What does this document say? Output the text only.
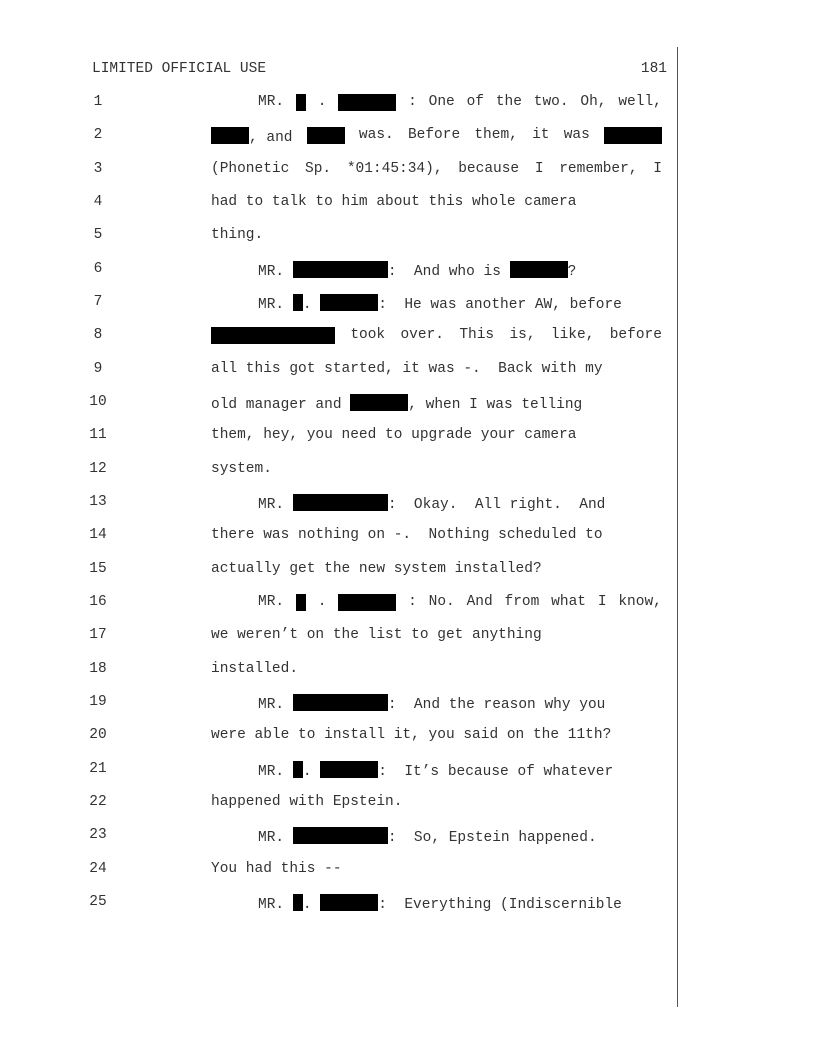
LIMITED OFFICIAL USE	181
1	MR. .	: One of the two. Oh, well,
2	, and	was. Before them, it was
3	(Phonetic Sp. *01:45:34), because I remember, I
4	had to talk to him about this whole camera
5	thing.
6	MR.	:  And who is	?
7	MR. .	:  He was another AW, before
8	took over. This is, like, before
9	all this got started, it was -.  Back with my
10	old manager and	, when I was telling
11	them, hey, you need to upgrade your camera
12	system.
13	MR.	:  Okay.  All right.  And
14	there was nothing on -.  Nothing scheduled to
15	actually get the new system installed?
16	MR. .	: No. And from what I know,
17	we weren’t on the list to get anything
18	installed.
19	MR.	:  And the reason why you
20	were able to install it, you said on the 11th?
21	MR. .	:  It’s because of whatever
22	happened with Epstein.
23	MR.	:  So, Epstein happened.
24	You had this --
25	MR. .	:  Everything (Indiscernible
